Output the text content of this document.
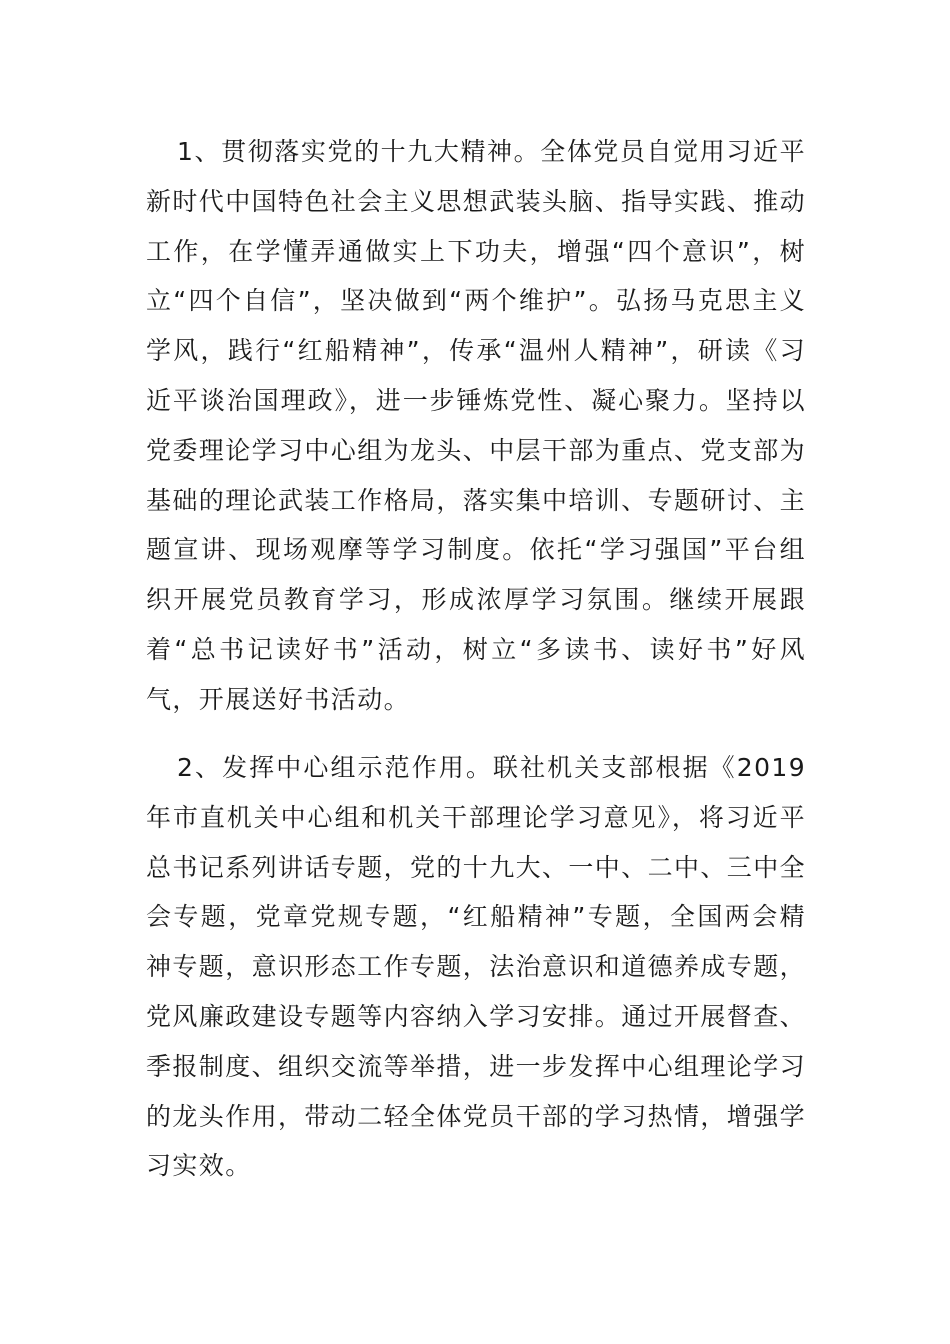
1、贯彻落实党的十九大精神。全体党员自觉用习近平新时代中国特色社会主义思想武装头脑、指导实践、推动工作，在学懂弄通做实上下功夫，增强“四个意识”，树立“四个自信”，坚决做到“两个维护”。弘扬马克思主义学风，践行“红船精神”，传承“温州人精神”，研读《习近平谈治国理政》，进一步锤炼党性、凝心聚力。坚持以党委理论学习中心组为龙头、中层干部为重点、党支部为基础的理论武装工作格局，落实集中培训、专题研讨、主题宣讲、现场观摩等学习制度。依托“学习强国”平台组织开展党员教育学习，形成浓厚学习氛围。继续开展跟着“总书记读好书”活动，树立“多读书、读好书”好风气，开展送好书活动。

2、发挥中心组示范作用。联社机关支部根据《2019年市直机关中心组和机关干部理论学习意见》，将习近平总书记系列讲话专题，党的十九大、一中、二中、三中全会专题，党章党规专题，“红船精神”专题，全国两会精神专题，意识形态工作专题，法治意识和道德养成专题，党风廉政建设专题等内容纳入学习安排。通过开展督查、季报制度、组织交流等举措，进一步发挥中心组理论学习的龙头作用，带动二轻全体党员干部的学习热情，增强学习实效。
